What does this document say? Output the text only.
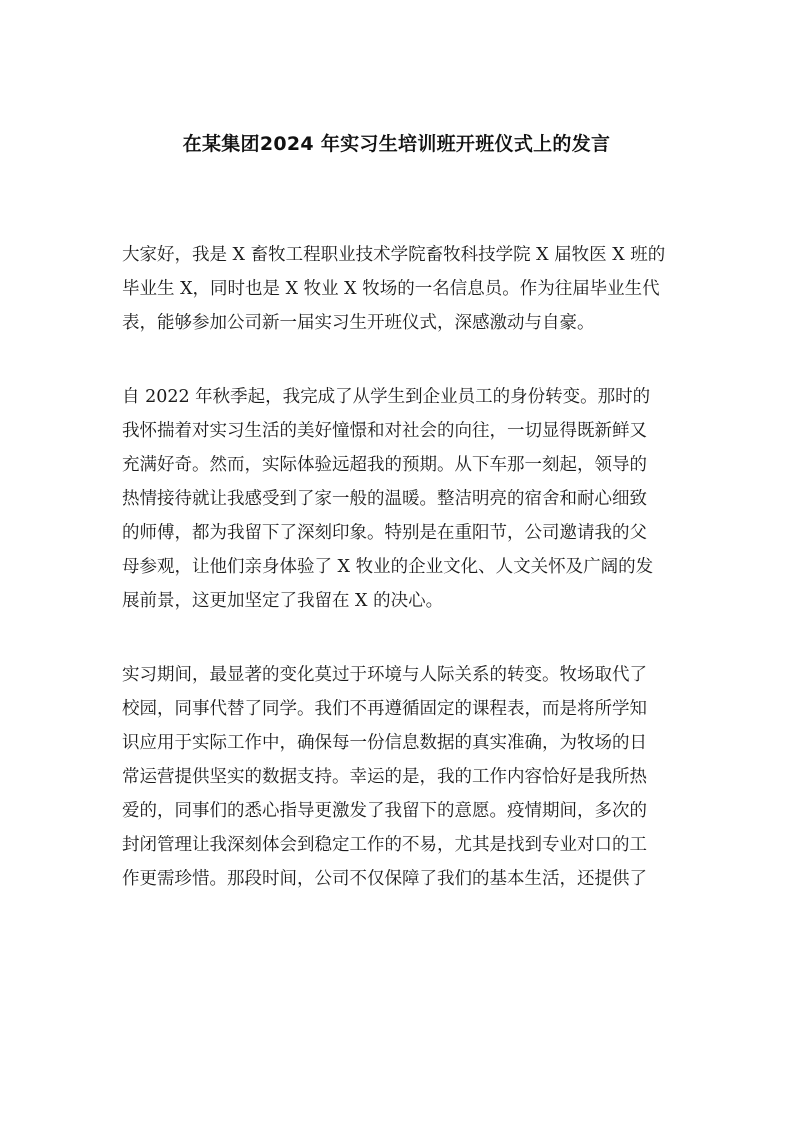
在某集团2024 年实习生培训班开班仪式上的发言
大家好，我是 X 畜牧工程职业技术学院畜牧科技学院 X 届牧医 X 班的
毕业生 X，同时也是 X 牧业 X 牧场的一名信息员。作为往届毕业生代
表，能够参加公司新一届实习生开班仪式，深感激动与自豪。
自 2022 年秋季起，我完成了从学生到企业员工的身份转变。那时的
我怀揣着对实习生活的美好憧憬和对社会的向往，一切显得既新鲜又
充满好奇。然而，实际体验远超我的预期。从下车那一刻起，领导的
热情接待就让我感受到了家一般的温暖。整洁明亮的宿舍和耐心细致
的师傅，都为我留下了深刻印象。特别是在重阳节，公司邀请我的父
母参观，让他们亲身体验了 X 牧业的企业文化、人文关怀及广阔的发
展前景，这更加坚定了我留在 X 的决心。
实习期间，最显著的变化莫过于环境与人际关系的转变。牧场取代了
校园，同事代替了同学。我们不再遵循固定的课程表，而是将所学知
识应用于实际工作中，确保每一份信息数据的真实准确，为牧场的日
常运营提供坚实的数据支持。幸运的是，我的工作内容恰好是我所热
爱的，同事们的悉心指导更激发了我留下的意愿。疫情期间，多次的
封闭管理让我深刻体会到稳定工作的不易，尤其是找到专业对口的工
作更需珍惜。那段时间，公司不仅保障了我们的基本生活，还提供了
